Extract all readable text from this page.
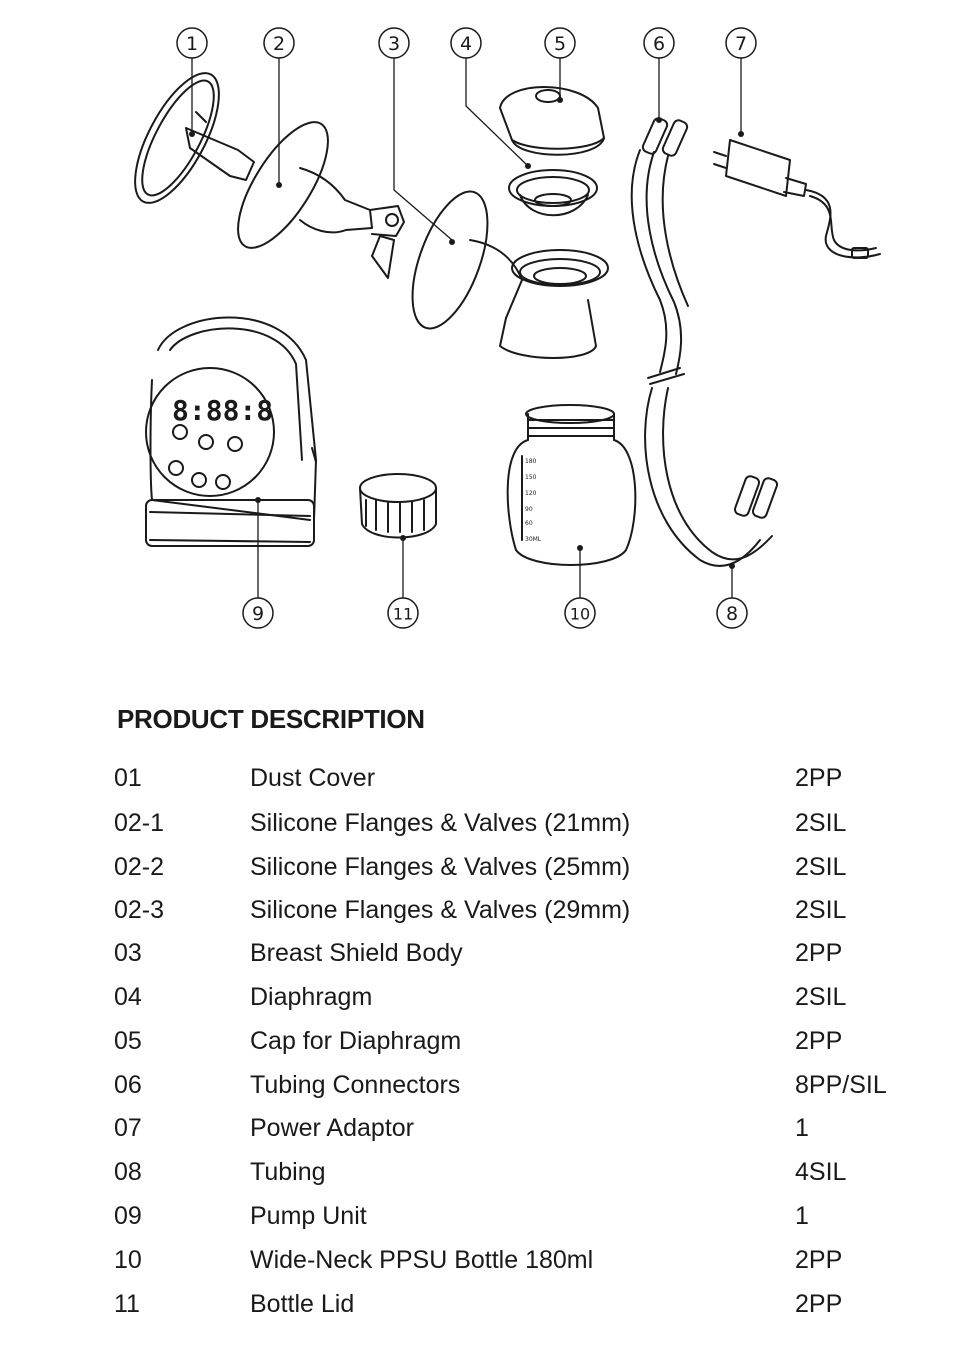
8:88:8
180
150
120
90
60
30ML
1	2	3	4	5	6	7
8
9	10
11
PRODUCT DESCRIPTION
01	Dust Cover	2PP
02-1	Silicone Flanges & Valves (21mm)	2SIL
02-2	Silicone Flanges & Valves (25mm)	2SIL
02-3	Silicone Flanges & Valves (29mm)	2SIL
03	Breast Shield Body	2PP
04	Diaphragm	2SIL
05	Cap for Diaphragm	2PP
06	Tubing Connectors	8PP/SIL
07	Power Adaptor	1
08	Tubing	4SIL
09	Pump Unit	1
10	Wide-Neck PPSU Bottle 180ml	2PP
11	Bottle Lid	2PP
